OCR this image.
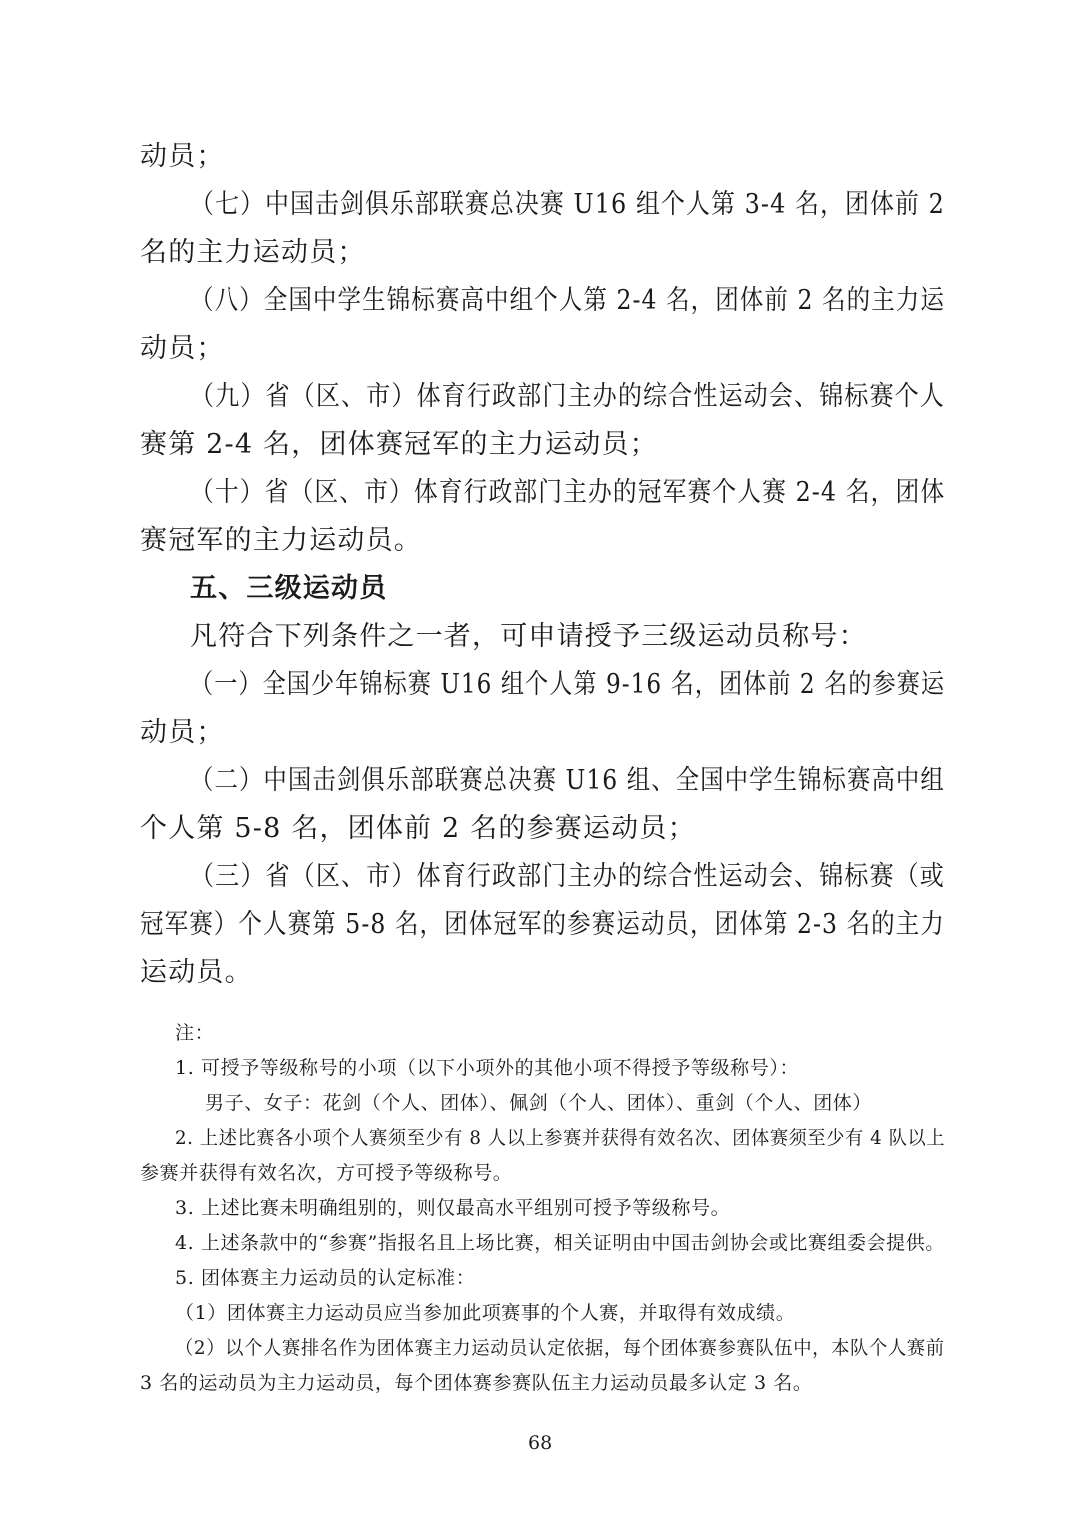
动员；
（七）中国击剑俱乐部联赛总决赛 U16 组个人第 3-4 名，团体前 2
名的主力运动员；
（八）全国中学生锦标赛高中组个人第 2-4 名，团体前 2 名的主力运
动员；
（九）省（区、市）体育行政部门主办的综合性运动会、锦标赛个人
赛第 2-4 名，团体赛冠军的主力运动员；
（十）省（区、市）体育行政部门主办的冠军赛个人赛 2-4 名，团体
赛冠军的主力运动员。
五、三级运动员
凡符合下列条件之一者，可申请授予三级运动员称号：
（一）全国少年锦标赛 U16 组个人第 9-16 名，团体前 2 名的参赛运
动员；
（二）中国击剑俱乐部联赛总决赛 U16 组、全国中学生锦标赛高中组
个人第 5-8 名，团体前 2 名的参赛运动员；
（三）省（区、市）体育行政部门主办的综合性运动会、锦标赛（或
冠军赛）个人赛第 5-8 名，团体冠军的参赛运动员，团体第 2-3 名的主力
运动员。
注：
1. 可授予等级称号的小项（以下小项外的其他小项不得授予等级称号）：
男子、女子：花剑（个人、团体）、佩剑（个人、团体）、重剑（个人、团体）
2. 上述比赛各小项个人赛须至少有 8 人以上参赛并获得有效名次、团体赛须至少有 4 队以上
参赛并获得有效名次，方可授予等级称号。
3. 上述比赛未明确组别的，则仅最高水平组别可授予等级称号。
4. 上述条款中的“参赛”指报名且上场比赛，相关证明由中国击剑协会或比赛组委会提供。
5. 团体赛主力运动员的认定标准：
（1）团体赛主力运动员应当参加此项赛事的个人赛，并取得有效成绩。
（2）以个人赛排名作为团体赛主力运动员认定依据，每个团体赛参赛队伍中，本队个人赛前
3 名的运动员为主力运动员，每个团体赛参赛队伍主力运动员最多认定 3 名。
68
